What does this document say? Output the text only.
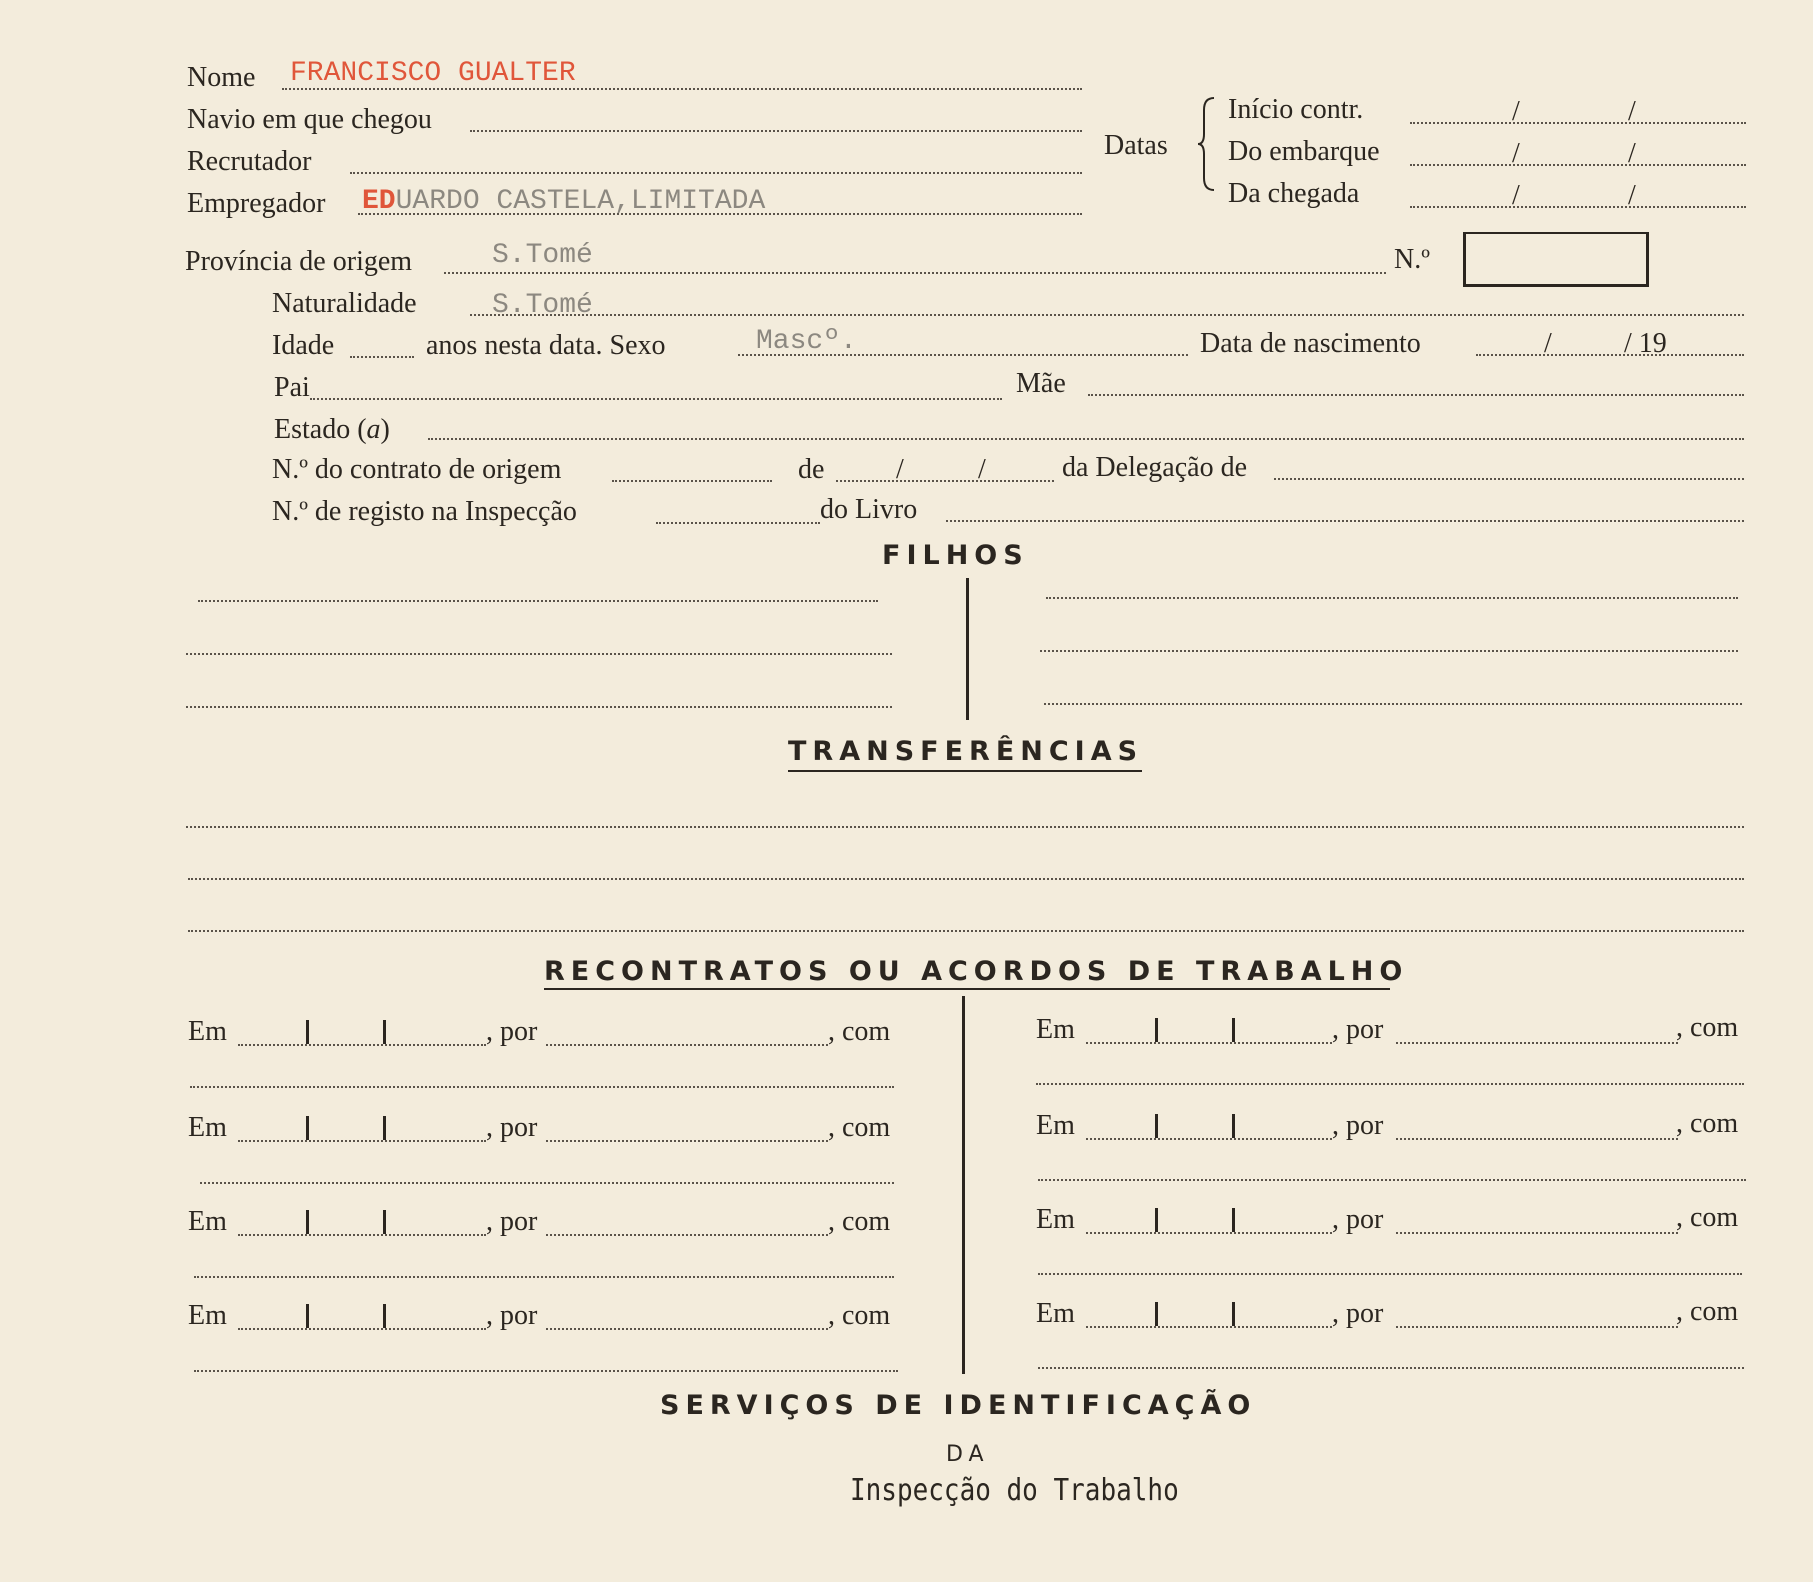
Nome FRANCISCO GUALTER
Navio em que chegou
Recrutador
Empregador EDUARDO CASTELA,LIMITADA
Datas
Início contr.	/	/
Do embarque	/	/
Da chegada	/	/
Província de origem	S.Tomé	N.º
Naturalidade	S.Tomé
Idade	anos nesta data. Sexo	Mascº.	Data de nascimento	/	/ 19
Pai	Mãe
Estado (a)
N.º do contrato de origem	de	/	/	da Delegação de
N.º de registo na Inspecção	do Livro
FILHOS
TRANSFERÊNCIAS
RECONTRATOS OU ACORDOS DE TRABALHO
Em	, por	, com
Em	, por	, com
Em	, por	, com
Em	, por	, com
Em	, por	, com
Em	, por	, com
Em	, por	, com
Em	, por	, com
SERVIÇOS DE IDENTIFICAÇÃO
DA
Inspecção do Trabalho
